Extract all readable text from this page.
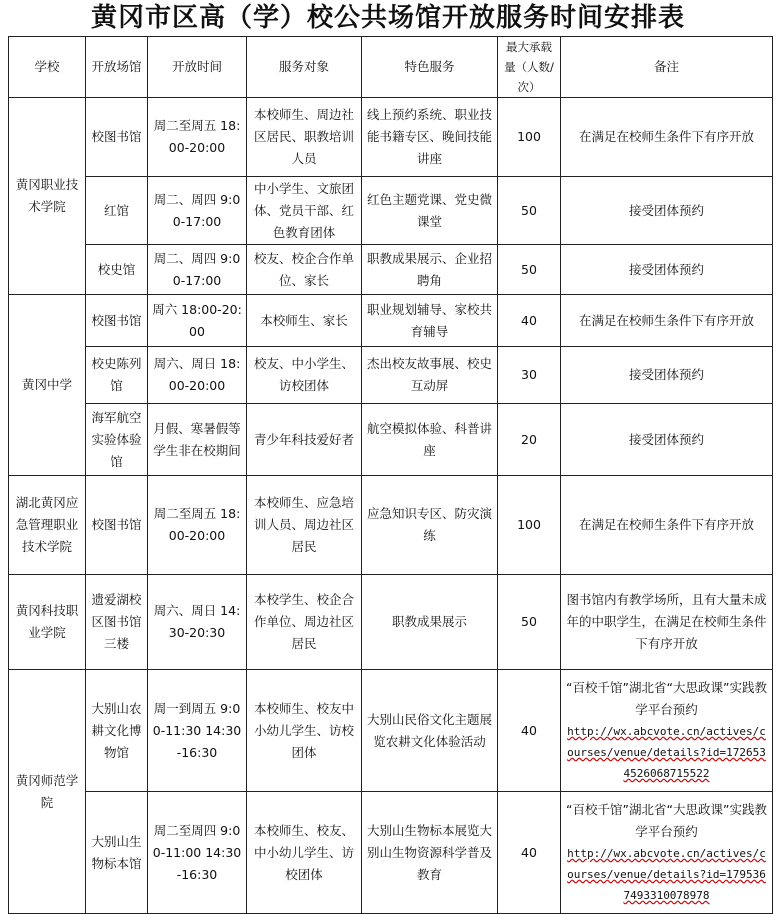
黄冈市区高（学）校公共场馆开放服务时间安排表
学校	开放场馆	开放时间	服务对象	特色服务	最大承载量（人数/次）	备注
黄冈职业技术学院	校图书馆	周二至周五 18:00-20:00	本校师生、周边社区居民、职教培训人员	线上预约系统、职业技能书籍专区、晚间技能讲座	100	在满足在校师生条件下有序开放
	红馆	周二、周四 9:00-17:00	中小学生、文旅团体、党员干部、红色教育团体	红色主题党课、党史微课堂	50	接受团体预约
	校史馆	周二、周四 9:00-17:00	校友、校企合作单位、家长	职教成果展示、企业招聘角	50	接受团体预约
黄冈中学	校图书馆	周六 18:00-20:00	本校师生、家长	职业规划辅导、家校共育辅导	40	在满足在校师生条件下有序开放
	校史陈列馆	周六、周日 18:00-20:00	校友、中小学生、访校团体	杰出校友故事展、校史互动屏	30	接受团体预约
	海军航空实验体验馆	月假、寒暑假等学生非在校期间	青少年科技爱好者	航空模拟体验、科普讲座	20	接受团体预约
湖北黄冈应急管理职业技术学院	校图书馆	周二至周五 18:00-20:00	本校师生、应急培训人员、周边社区居民	应急知识专区、防灾演练	100	在满足在校师生条件下有序开放
黄冈科技职业学院	遗爱湖校区图书馆三楼	周六、周日 14:30-20:30	本校学生、校企合作单位、周边社区居民	职教成果展示	50	图书馆内有教学场所，且有大量未成年的中职学生，在满足在校师生条件下有序开放
黄冈师范学院	大别山农耕文化博物馆	周一到周五 9:00-11:30 14:30-16:30	本校师生、校友中小幼儿学生、访校团体	大别山民俗文化主题展览农耕文化体验活动	40	“百校千馆”湖北省“大思政课”实践教学平台预约
http://wx.abcvote.cn/actives/courses/venue/details?id=1726534526068715522

	大别山生物标本馆	周二至周四 9:00-11:00 14:30-16:30	本校师生、校友、中小幼儿学生、访校团体	大别山生物标本展览大别山生物资源科学普及教育	40	“百校千馆”湖北省“大思政课”实践教学平台预约
http://wx.abcvote.cn/actives/courses/venue/details?id=1795367493310078978
